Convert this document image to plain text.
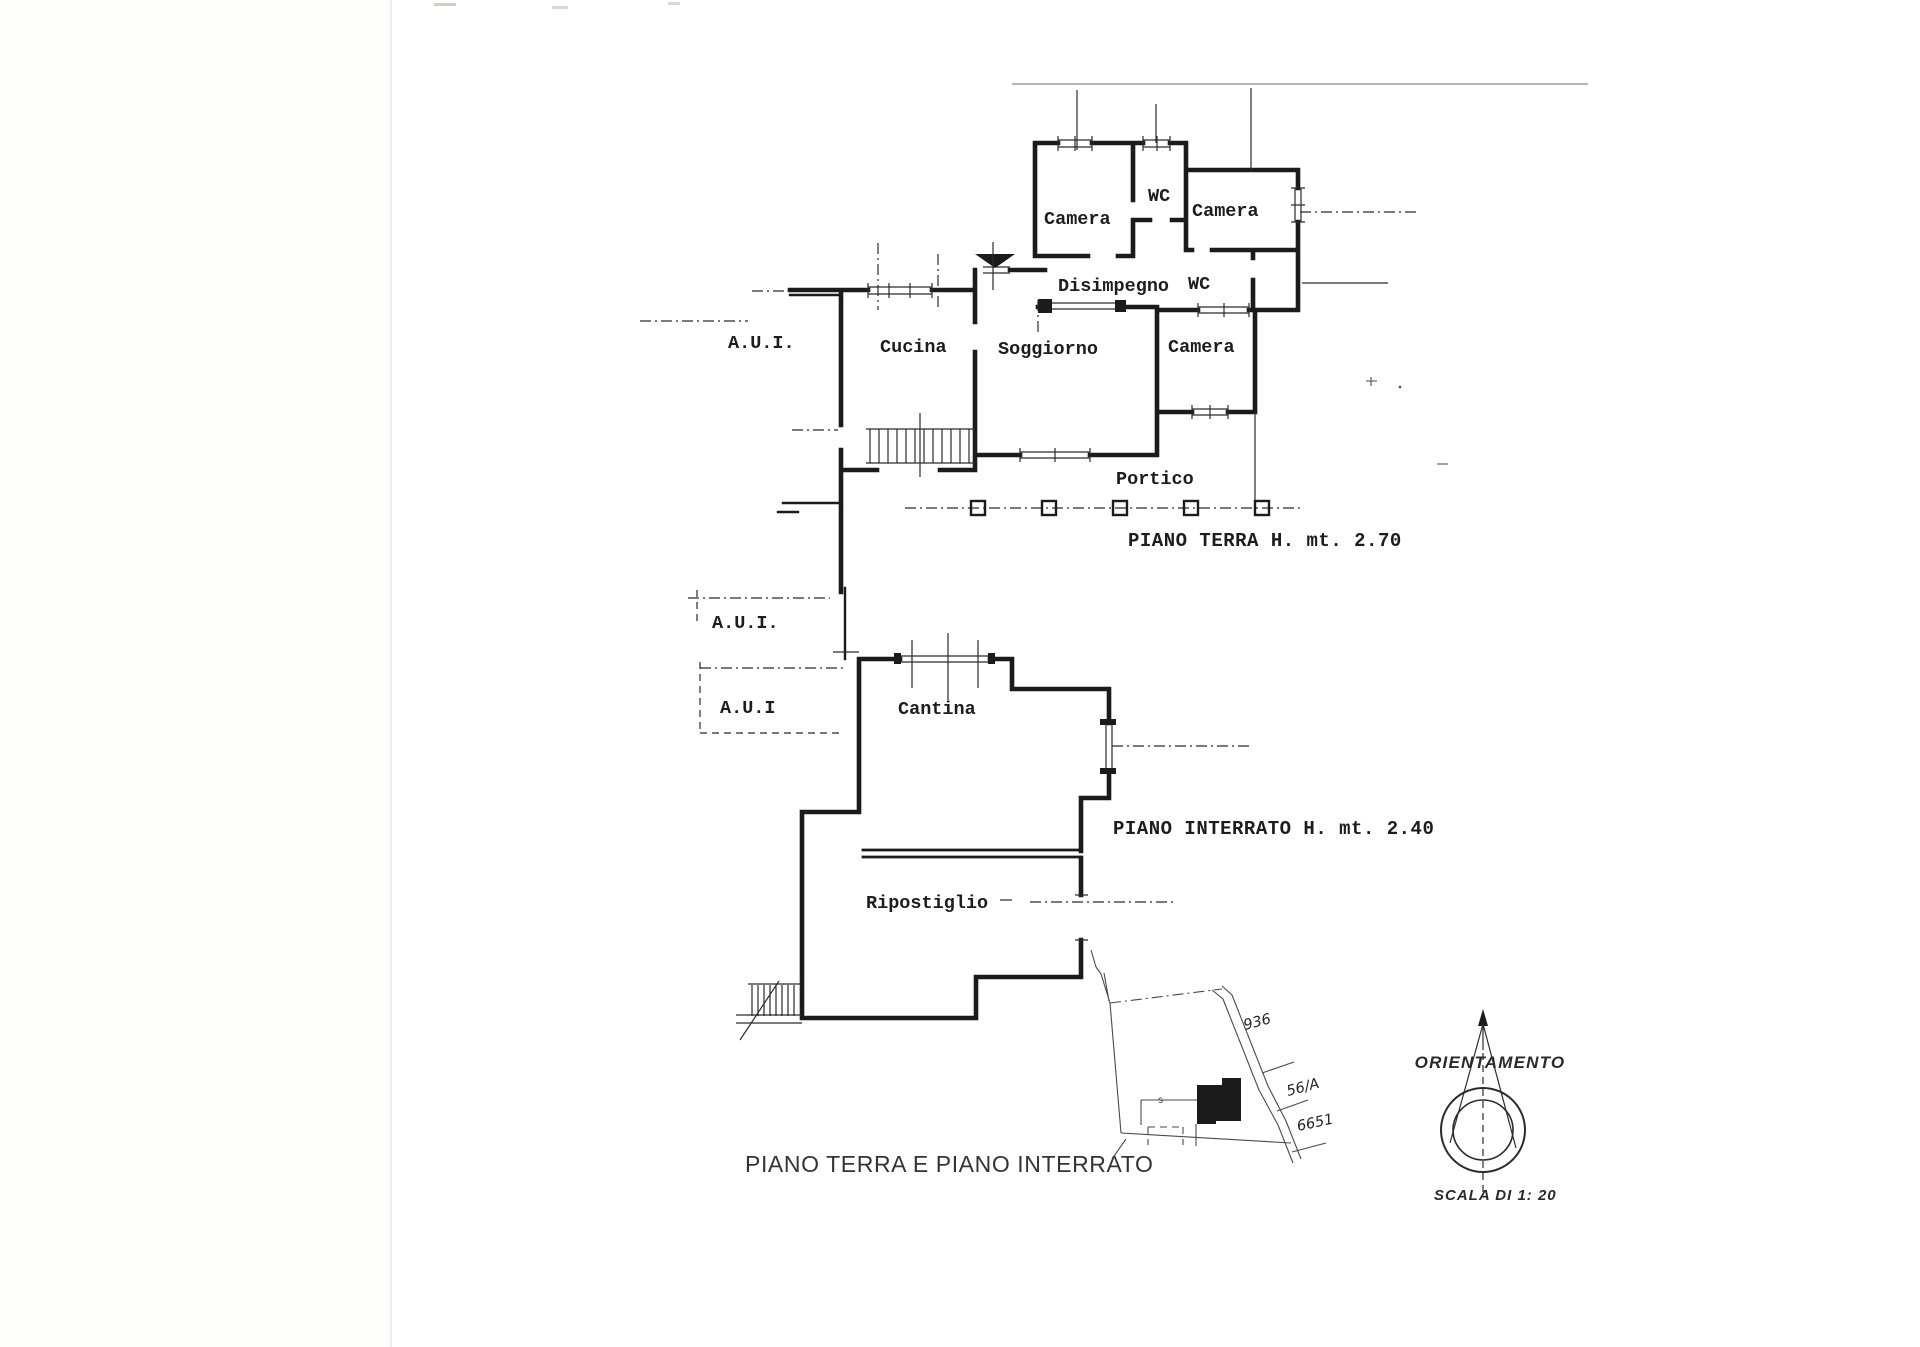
Camera
WC
Camera
Disimpegno WC
A.U.I.	Cucina	Soggiorno	Camera
Portico
PIANO TERRA H. mt. 2.70
A.U.I.
A.U.I	Cantina
Ripostiglio
PIANO INTERRATO H. mt. 2.40
s
936
56/A
6651
ORIENTAMENTO
SCALA DI 1: 20
PIANO TERRA E PIANO INTERRATO
